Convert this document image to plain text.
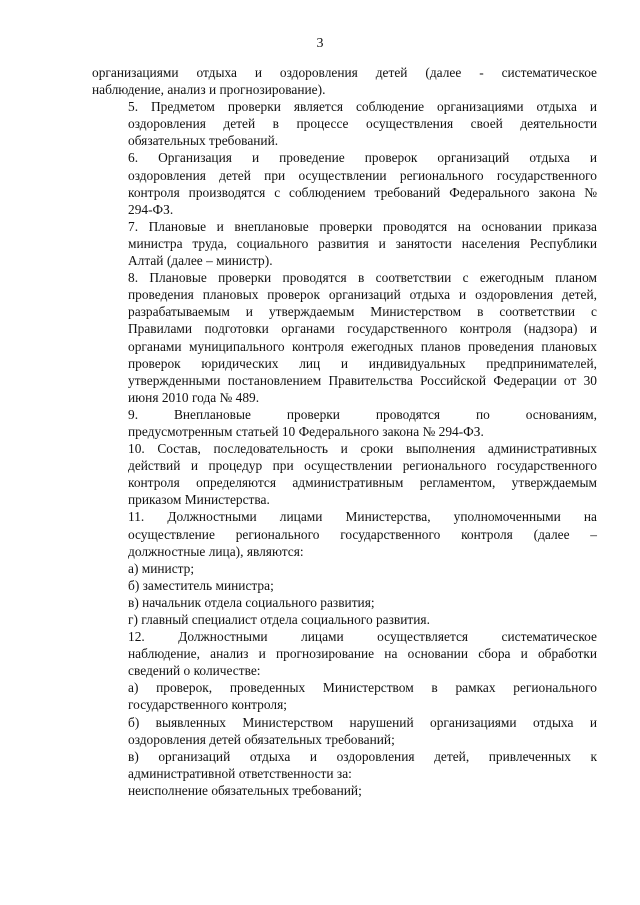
3
организациями отдыха и оздоровления детей (далее - систематическое
наблюдение, анализ и прогнозирование).
5. Предметом проверки является соблюдение организациями отдыха и
оздоровления детей в процессе осуществления своей деятельности
обязательных требований.
6. Организация и проведение проверок организаций отдыха и
оздоровления детей при осуществлении регионального государственного
контроля производятся с соблюдением требований Федерального закона №
294-ФЗ.
7. Плановые и внеплановые проверки проводятся на основании приказа
министра труда, социального развития и занятости населения Республики
Алтай (далее – министр).
8. Плановые проверки проводятся в соответствии с ежегодным планом
проведения плановых проверок организаций отдыха и оздоровления детей,
разрабатываемым и утверждаемым Министерством в соответствии с
Правилами подготовки органами государственного контроля (надзора) и
органами муниципального контроля ежегодных планов проведения плановых
проверок юридических лиц и индивидуальных предпринимателей,
утвержденными постановлением Правительства Российской Федерации от 30
июня 2010 года № 489.
9. Внеплановые проверки проводятся по основаниям,
предусмотренным статьей 10 Федерального закона № 294-ФЗ.
10. Состав, последовательность и сроки выполнения административных
действий и процедур при осуществлении регионального государственного
контроля определяются административным регламентом, утверждаемым
приказом Министерства.
11. Должностными лицами Министерства, уполномоченными на
осуществление регионального государственного контроля (далее –
должностные лица), являются:
а) министр;
б) заместитель министра;
в) начальник отдела социального развития;
г) главный специалист отдела социального развития.
12. Должностными лицами осуществляется систематическое
наблюдение, анализ и прогнозирование на основании сбора и обработки
сведений о количестве:
а) проверок, проведенных Министерством в рамках регионального
государственного контроля;
б) выявленных Министерством нарушений организациями отдыха и
оздоровления детей обязательных требований;
в) организаций отдыха и оздоровления детей, привлеченных к
административной ответственности за:
неисполнение обязательных требований;
